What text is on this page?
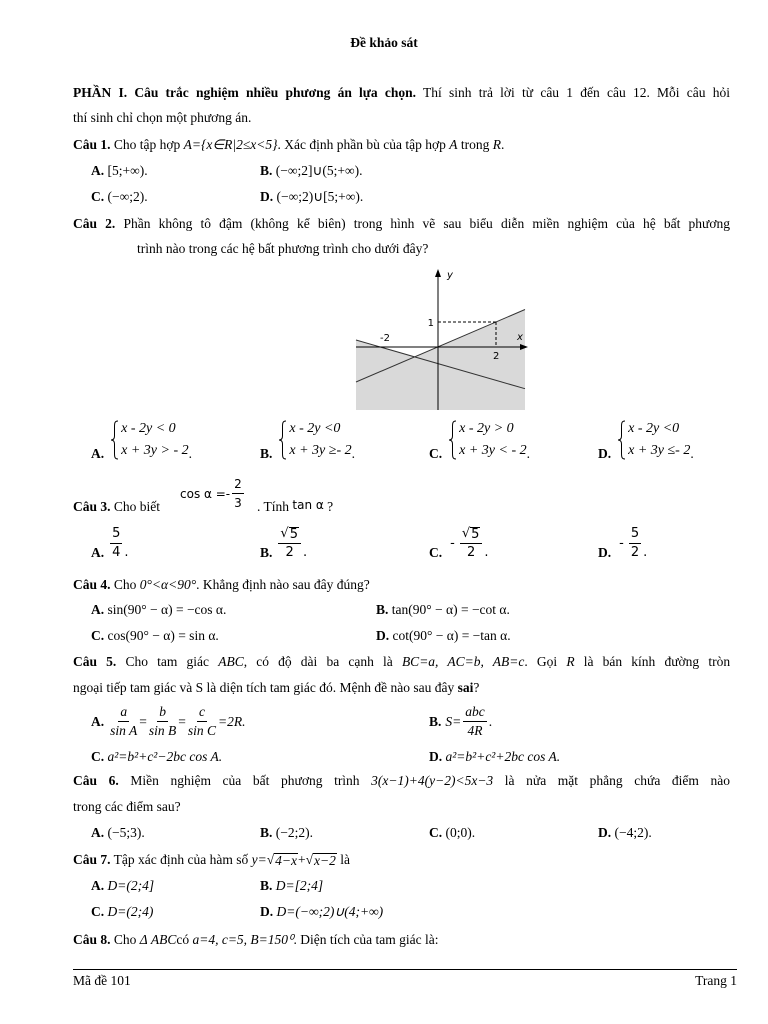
Đề khảo sát
PHẦN I. Câu trắc nghiệm nhiều phương án lựa chọn. Thí sinh trả lời từ câu 1 đến câu 12. Mỗi câu hỏi
thí sinh chỉ chọn một phương án.
Câu 1. Cho tập hợp A={x∈R|2≤x<5}. Xác định phần bù của tập hợp A trong R.
A. [5;+∞).	B. (−∞;2]∪(5;+∞).
C. (−∞;2).	D. (−∞;2)∪[5;+∞).
Câu 2. Phần không tô đậm (không kể biên) trong hình vẽ sau biểu diễn miền nghiệm của hệ bất phương
trình nào trong các hệ bất phương trình cho dưới đây?
y
x
1
-2
2
A.
x - 2y < 0
x + 3y > - 2 .	B.
x - 2y <0
x + 3y ≥- 2 .	C.
x - 2y > 0
x + 3y < - 2 .	D.
x - 2y <0
x + 3y ≤- 2 .
Câu 3. Cho biết
$\cos \alpha =- \frac{2}{3}$ . Tính tan α ?
A. $\frac{5}{4}$ .	B. $\frac{√ 5}{2}$ .	C.
- $\frac{√ 5}{2}$ .	D.
- $\frac{5}{2}$ .
Câu 4. Cho 0°<α<90°. Khẳng định nào sau đây đúng?
A. sin(90° − α) = −cos α.	B. tan(90° − α) = −cot α.
C. cos(90° − α) = sin α.	D. cot(90° − α) = −tan α.
Câu 5. Cho tam giác ABC, có độ dài ba cạnh là BC=a, AC=b, AB=c. Gọi R là bán kính đường tròn
ngoại tiếp tam giác và S là diện tích tam giác đó. Mệnh đề nào sau đây sai?
A. $\frac{a}{\text{sin A}} = \frac{b}{\text{sin B}} = \frac{c}{\text{sin C}} =2R$.	B. $S= \frac{\text{abc}}{4R}$ .
C. a²=b²+c²−2bc cos A.	D. a²=b²+c²+2bc cos A.
Câu 6. Miền nghiệm của bất phương trình 3(x−1)+4(y−2)<5x−3 là nửa mặt phẳng chứa điểm nào
trong các điểm sau?
A. (−5;3).	B. (−2;2).	C. (0;0).	D. (−4;2).
Câu 7. Tập xác định của hàm số y= √ 4−x + √ x−2 là
A. D=(2;4]	B. D=[2;4]
C. D=(2;4)	D. D=(−∞;2)∪(4;+∞)
Câu 8. Cho Δ ABCcó a=4, c=5, B=150⁰. Diện tích của tam giác là:
Mã đề 101	Trang 1
